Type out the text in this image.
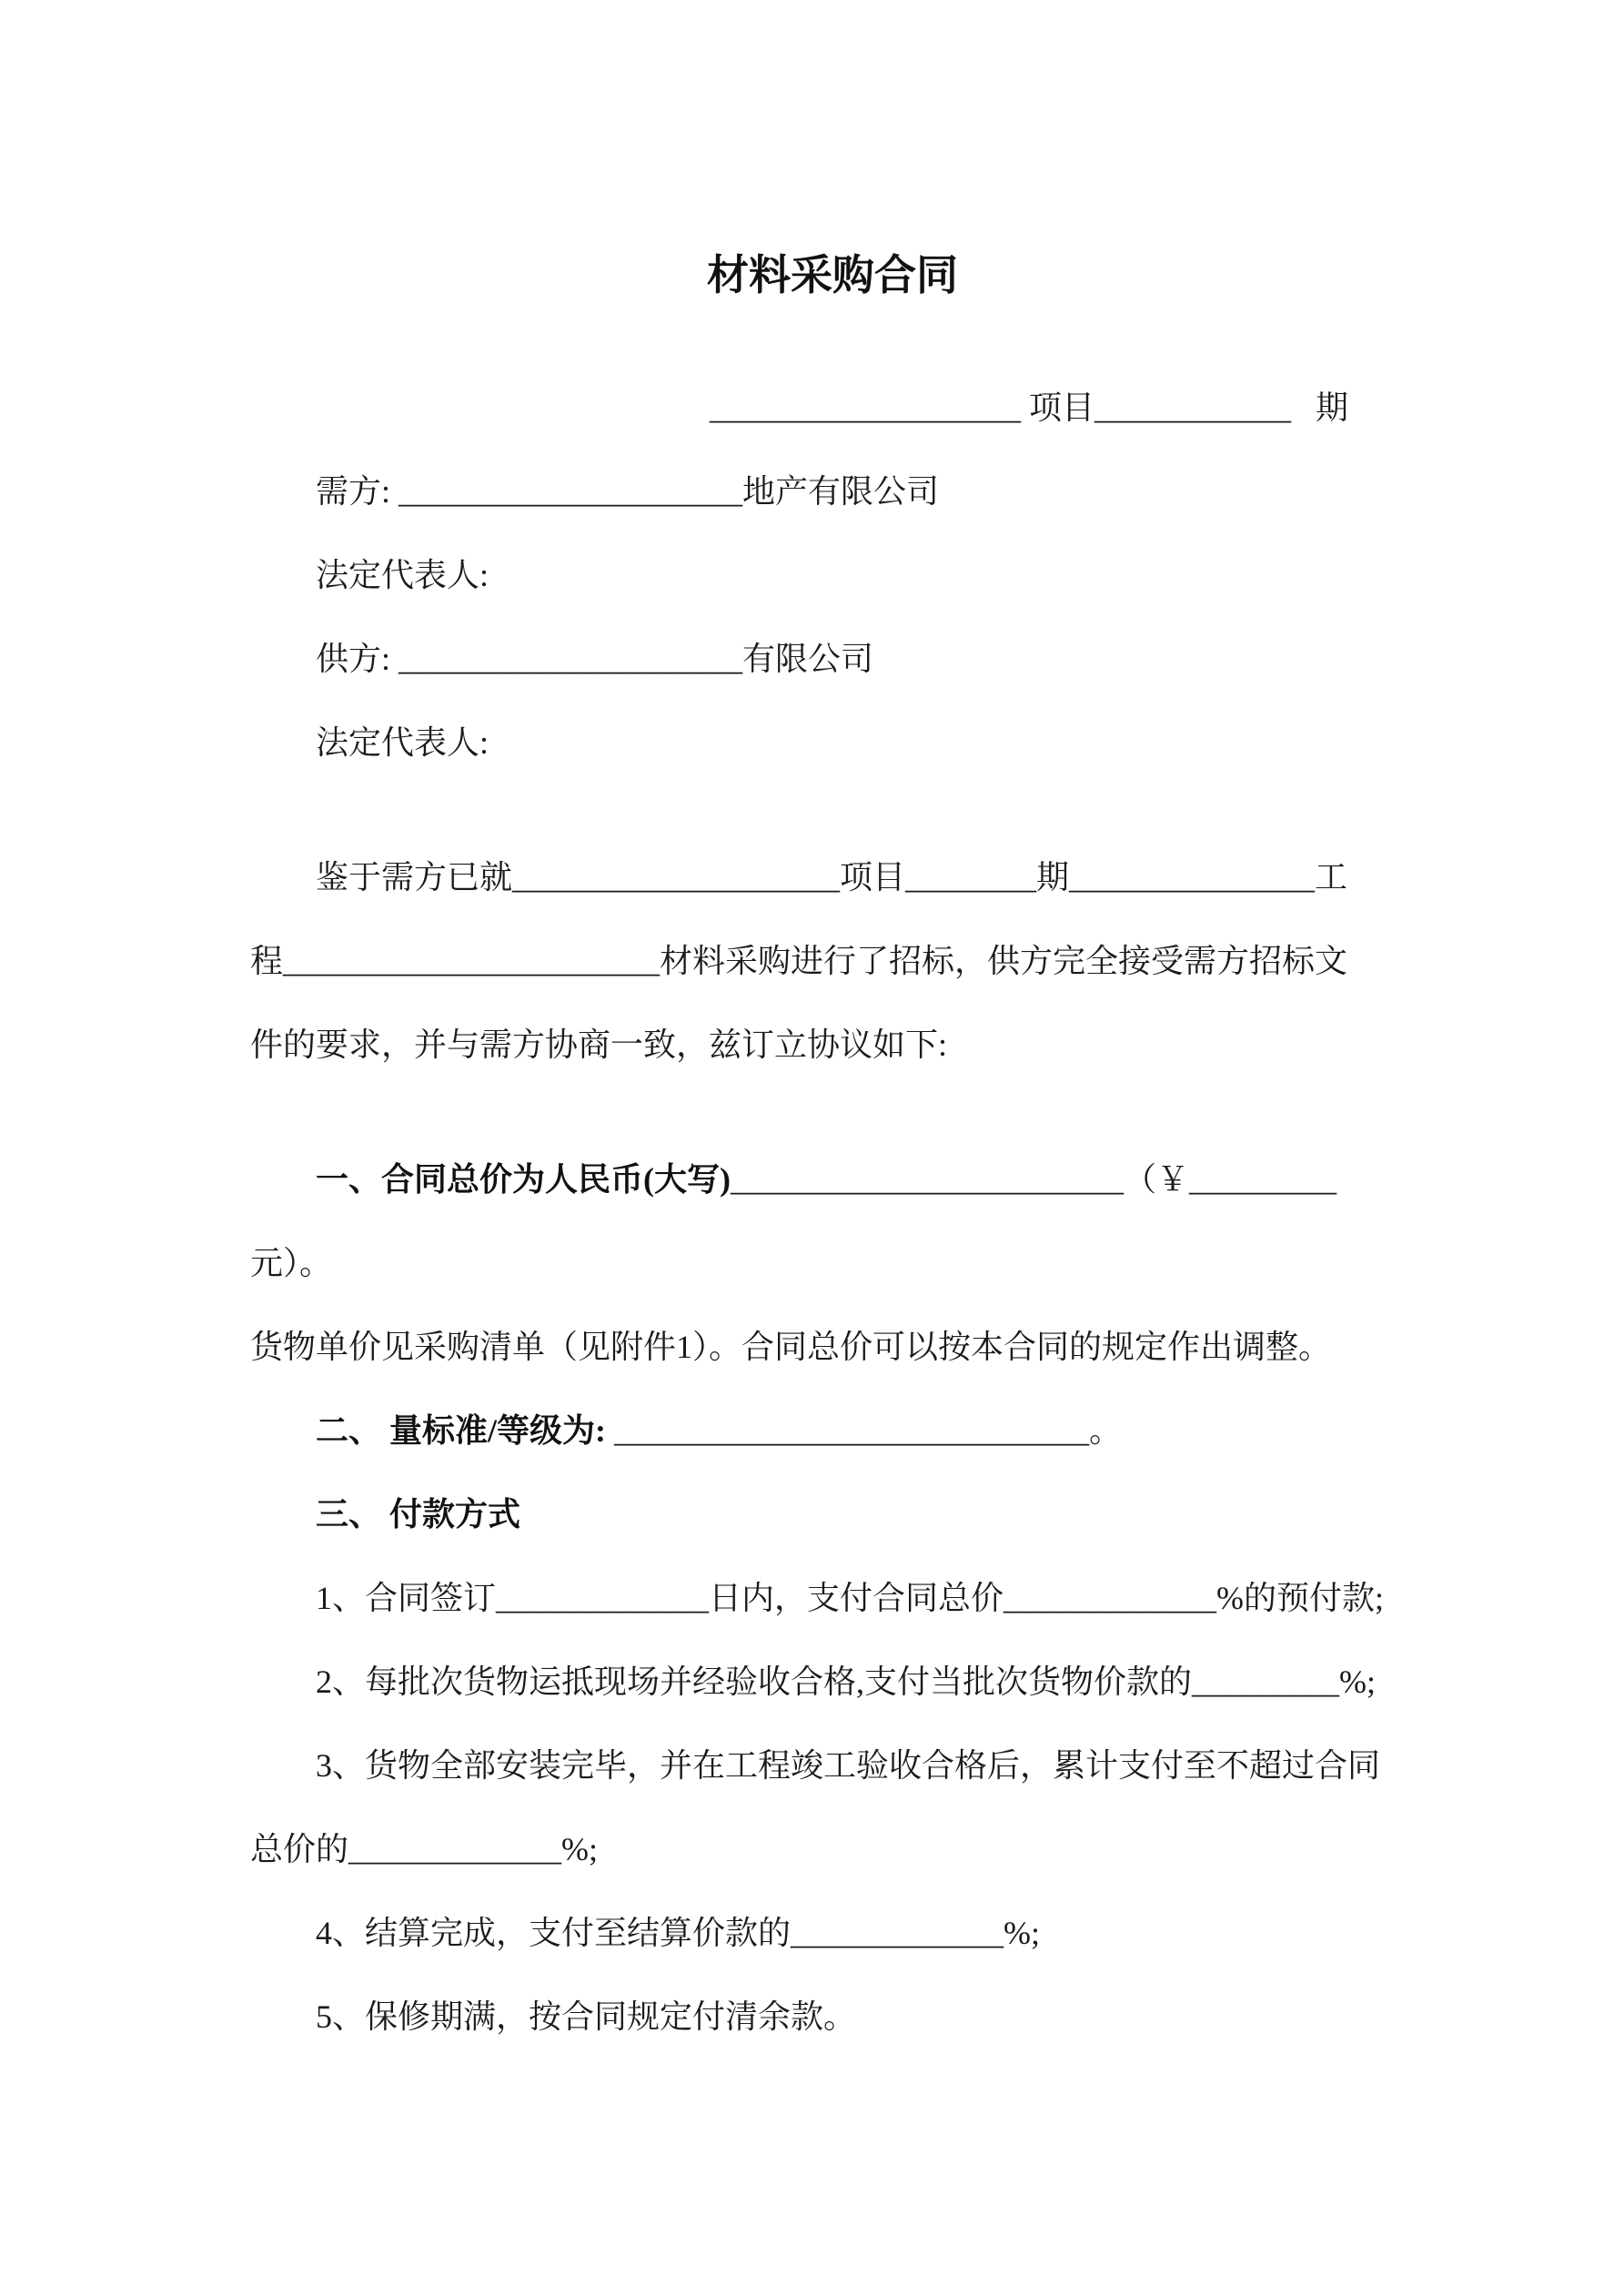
材料采购合同
___________________ 项目____________   期
需方: _____________________地产有限公司
法定代表人:
供方: _____________________有限公司
法定代表人:
鉴于需方已就____________________项目________期_______________工
程_______________________材料采购进行了招标，供方完全接受需方招标文
件的要求，并与需方协商一致，兹订立协议如下:
一、合同总价为人民币(大写)________________________（￥_________元）。
货物单价见采购清单（见附件1）。合同总价可以按本合同的规定作出调整。
二、 量标准/等级为: _____________________________。
三、 付款方式
1、合同签订_____________日内，支付合同总价_____________%的预付款;
2、每批次货物运抵现场并经验收合格,支付当批次货物价款的_________%;
3、货物全部安装完毕，并在工程竣工验收合格后，累计支付至不超过合同
总价的_____________%;
4、结算完成，支付至结算价款的_____________%;
5、保修期满，按合同规定付清余款。
